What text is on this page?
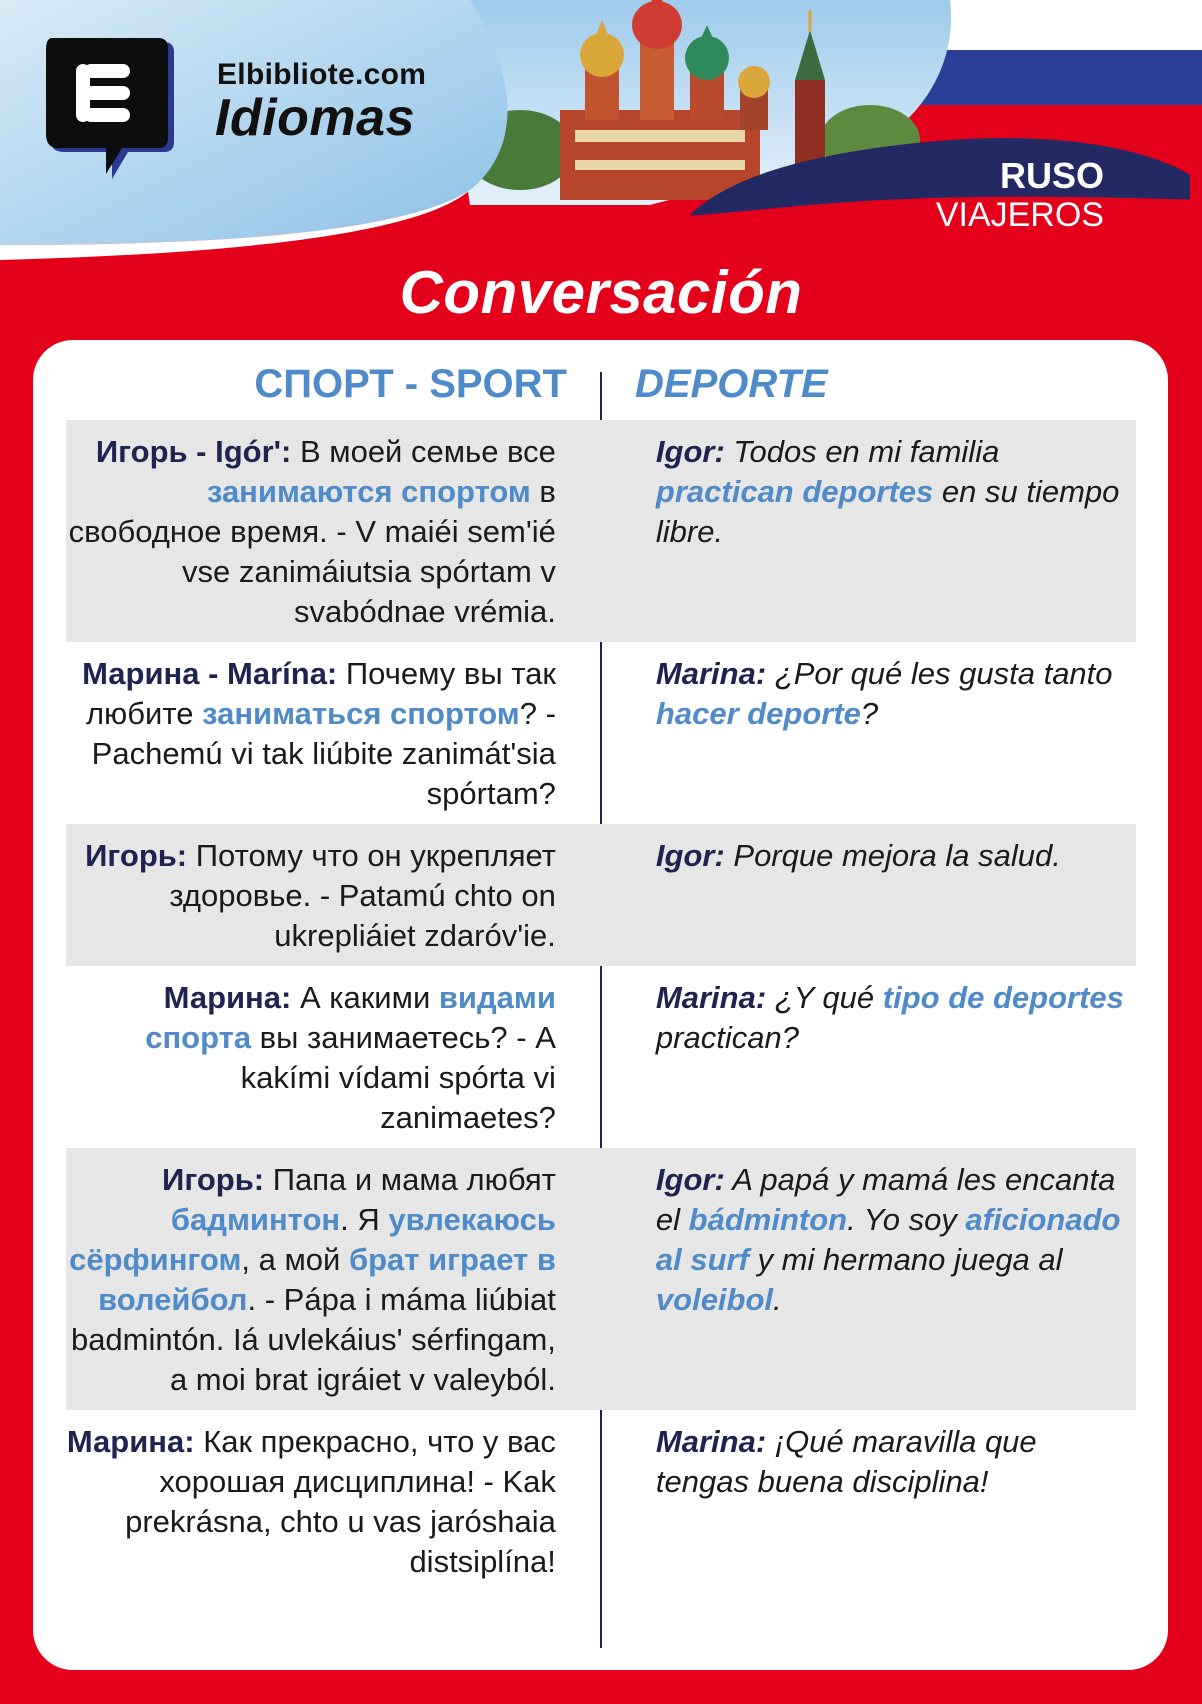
Elbibliote.com
Idiomas
RUSO
VIAJEROS
Conversación
СПОРТ - SPORT DEPORTE

Игорь - Igór': В моей семье все занимаются спортом в свободное время. - V maiéi sem'ié vse zanimáiutsia spórtam v svabódnae vrémia.

Igor: Todos en mi familia practican deportes en su tiempo libre.

Марина - Marína: Почему вы так любите заниматься спортом? - Pachemú vi tak liúbite zanimát'sia spórtam?

Marina: ¿Por qué les gusta tanto hacer deporte?

Игорь: Потому что он укрепляет здоровье. - Patamú chto on ukrepliáiet zdaróv'ie.

Igor: Porque mejora la salud.

Марина: А какими видами спорта вы занимаетесь? - A kakími vídami spórta vi zanimaetes?

Marina: ¿Y qué tipo de deportes practican?

Игорь: Папа и мама любят бадминтон. Я увлекаюсь сёрфингом, а мой брат играет в волейбол. - Pápa i máma liúbiat badmintón. Iá uvlekáius' sérfingam, a moi brat igráiet v valeyból.

Igor: A papá y mamá les encanta el bádminton. Yo soy aficionado al surf y mi hermano juega al voleibol.

Марина: Как прекрасно, что у вас хорошая дисциплина! - Kak prekrásna, chto u vas jaróshaia distsiplína!

Marina: ¡Qué maravilla que tengas buena disciplina!
